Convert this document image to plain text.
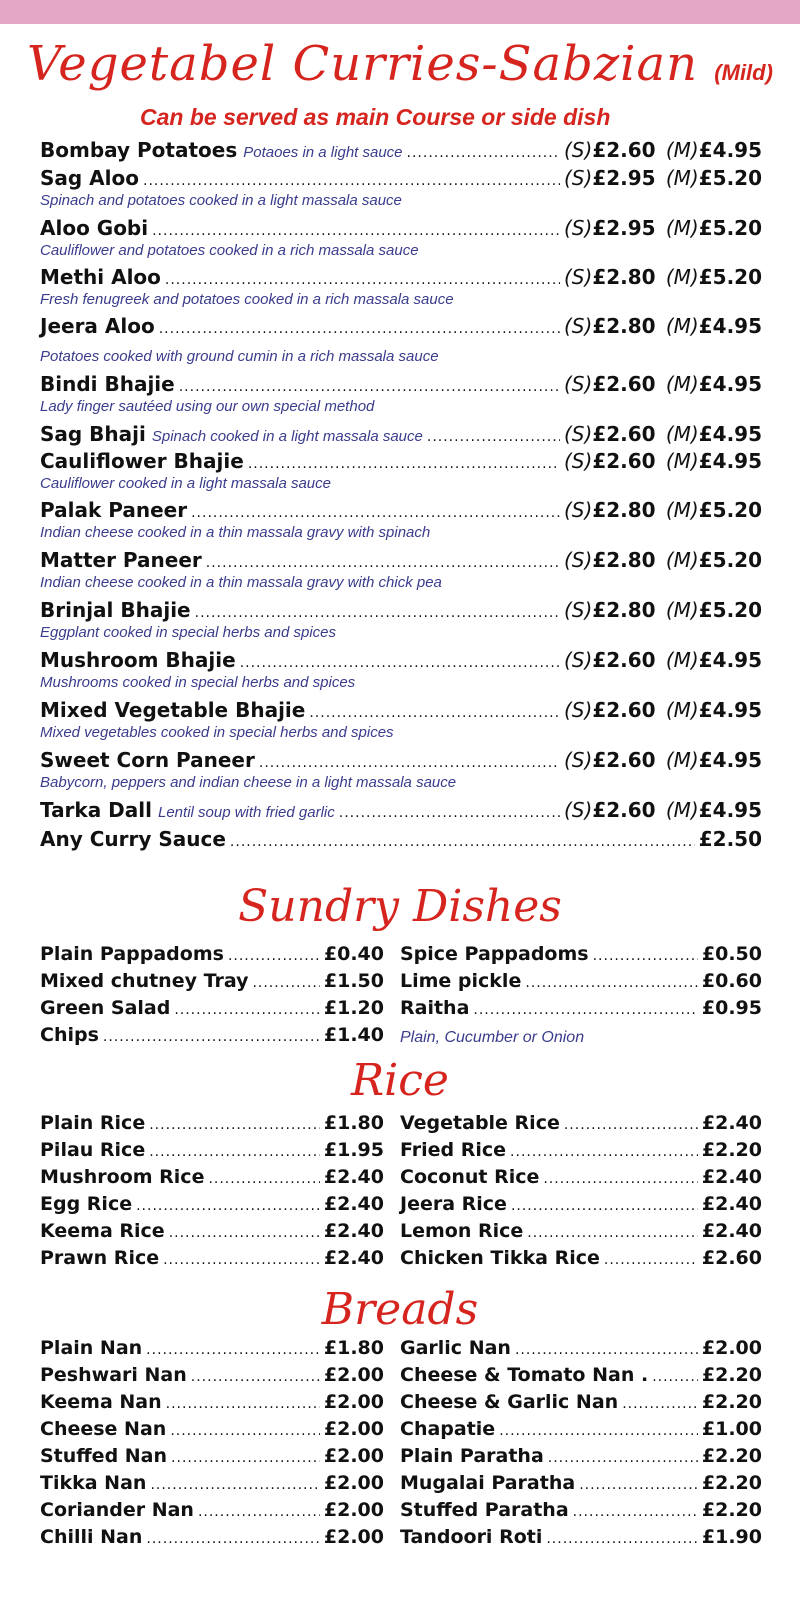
Vegetabel Curries-Sabzian (Mild)
Can be served as main Course or side dish
Bombay Potatoes Potaoes in a light sauce .....	(S)£2.60 (M)£4.95
Sag Aloo .....	(S)£2.95 (M)£5.20
Spinach and potatoes cooked in a light massala sauce
Aloo Gobi .....	(S)£2.95 (M)£5.20
Cauliflower and potatoes cooked in a rich massala sauce
Methi Aloo .....	(S)£2.80 (M)£5.20
Fresh fenugreek and potatoes cooked in a rich massala sauce
Jeera Aloo .....	(S)£2.80 (M)£4.95
Potatoes cooked with ground cumin in a rich massala sauce
Bindi Bhajie .....	(S)£2.60 (M)£4.95
Lady finger sautéed using our own special method
Sag Bhaji Spinach cooked in a light massala sauce .....	(S)£2.60 (M)£4.95
Cauliflower Bhajie .....	(S)£2.60 (M)£4.95
Cauliflower cooked in a light massala sauce
Palak Paneer .....	(S)£2.80 (M)£5.20
Indian cheese cooked in a thin massala gravy with spinach
Matter Paneer .....	(S)£2.80 (M)£5.20
Indian cheese cooked in a thin massala gravy with chick pea
Brinjal Bhajie .....	(S)£2.80 (M)£5.20
Eggplant cooked in special herbs and spices
Mushroom Bhajie .....	(S)£2.60 (M)£4.95
Mushrooms cooked in special herbs and spices
Mixed Vegetable Bhajie .....	(S)£2.60 (M)£4.95
Mixed vegetables cooked in special herbs and spices
Sweet Corn Paneer .....	(S)£2.60 (M)£4.95
Babycorn, peppers and indian cheese in a light massala sauce
Tarka Dall Lentil soup with fried garlic .....	(S)£2.60 (M)£4.95
Any Curry Sauce .....	£2.50
Sundry Dishes
Plain Pappadoms .....	£0.40
Mixed chutney Tray .....	£1.50
Green Salad .....	£1.20
Chips .....	£1.40
Spice Pappadoms .....	£0.50
Lime pickle .....	£0.60
Raitha .....	£0.95
Plain, Cucumber or Onion
Rice
Plain Rice .....	£1.80
Pilau Rice .....	£1.95
Mushroom Rice .....	£2.40
Egg Rice .....	£2.40
Keema Rice .....	£2.40
Prawn Rice .....	£2.40
Vegetable Rice .....	£2.40
Fried Rice .....	£2.20
Coconut Rice .....	£2.40
Jeera Rice .....	£2.40
Lemon Rice .....	£2.40
Chicken Tikka Rice .....	£2.60
Breads
Plain Nan .....	£1.80
Peshwari Nan .....	£2.00
Keema Nan .....	£2.00
Cheese Nan .....	£2.00
Stuffed Nan .....	£2.00
Tikka Nan .....	£2.00
Coriander Nan .....	£2.00
Chilli Nan .....	£2.00
Garlic Nan .....	£2.00
Cheese & Tomato Nan . .....	£2.20
Cheese & Garlic Nan .....	£2.20
Chapatie .....	£1.00
Plain Paratha .....	£2.20
Mugalai Paratha .....	£2.20
Stuffed Paratha .....	£2.20
Tandoori Roti .....	£1.90
